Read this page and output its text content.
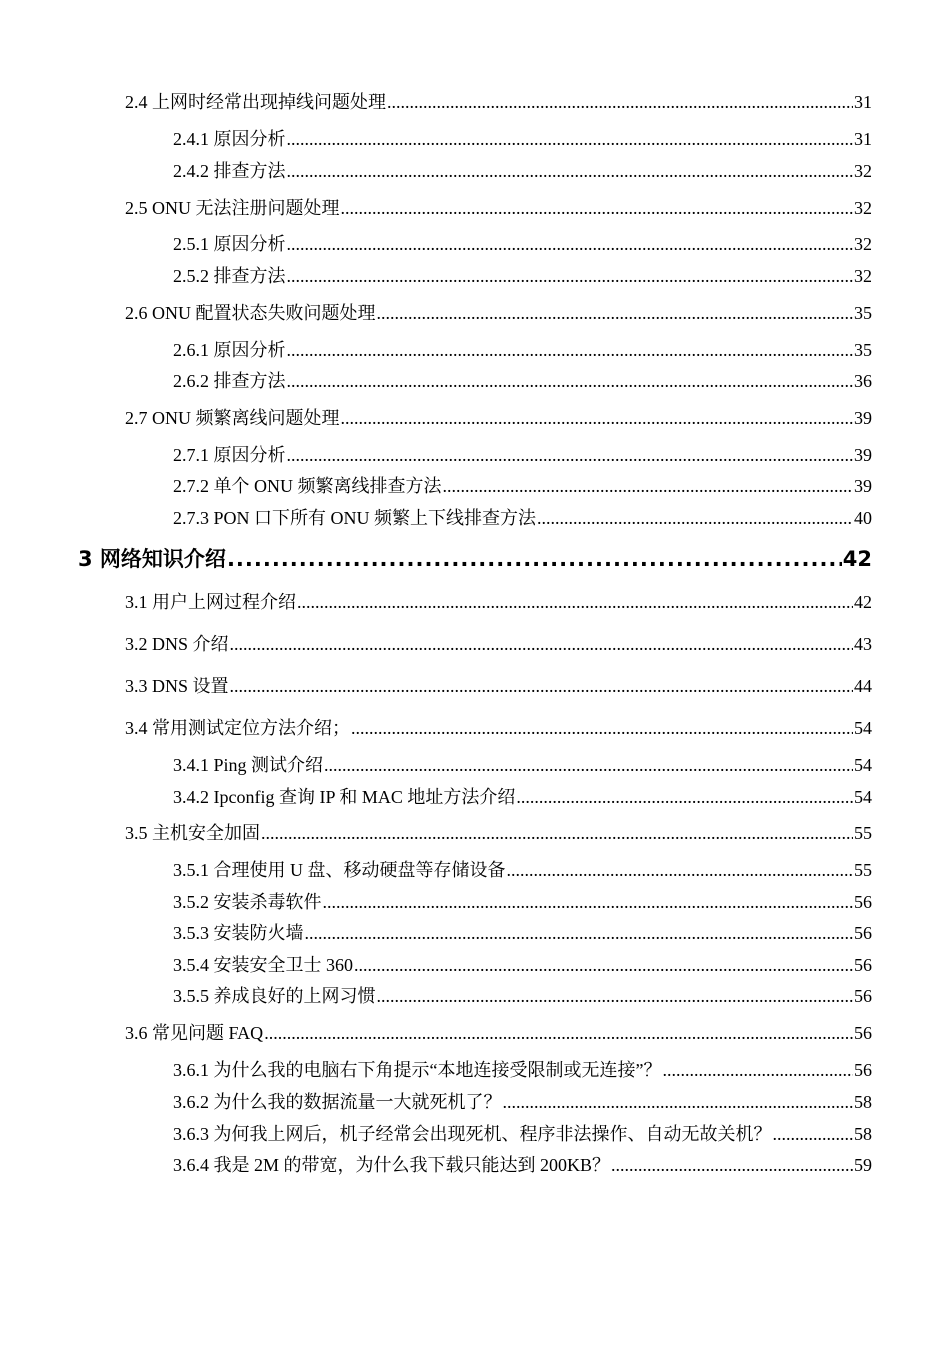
2.4 上网时经常出现掉线问题处理 .....	31
2.4.1 原因分析 .....	31
2.4.2 排查方法 .....	32
2.5 ONU 无法注册问题处理 .....	32
2.5.1 原因分析 .....	32
2.5.2 排查方法 .....	32
2.6 ONU 配置状态失败问题处理 .....	35
2.6.1 原因分析 .....	35
2.6.2 排查方法 .....	36
2.7 ONU 频繁离线问题处理 .....	39
2.7.1 原因分析 .....	39
2.7.2 单个 ONU 频繁离线排查方法 .....	39
2.7.3 PON 口下所有 ONU 频繁上下线排查方法 .....	40
3 网络知识介绍 .....	42
3.1 用户上网过程介绍 .....	42
3.2 DNS 介绍 .....	43
3.3 DNS 设置 .....	44
3.4 常用测试定位方法介绍； .....	54
3.4.1 Ping 测试介绍 .....	54
3.4.2 Ipconfig 查询 IP 和 MAC 地址方法介绍 .....	54
3.5 主机安全加固 .....	55
3.5.1 合理使用 U 盘、移动硬盘等存储设备 .....	55
3.5.2 安装杀毒软件 .....	56
3.5.3 安装防火墙 .....	56
3.5.4 安装安全卫士 360 .....	56
3.5.5 养成良好的上网习惯 .....	56
3.6 常见问题 FAQ .....	56
3.6.1 为什么我的电脑右下角提示“本地连接受限制或无连接”？ .....	56
3.6.2 为什么我的数据流量一大就死机了？ .....	58
3.6.3 为何我上网后，机子经常会出现死机、程序非法操作、自动无故关机？ .....	58
3.6.4 我是 2M 的带宽，为什么我下载只能达到 200KB？ .....	59
